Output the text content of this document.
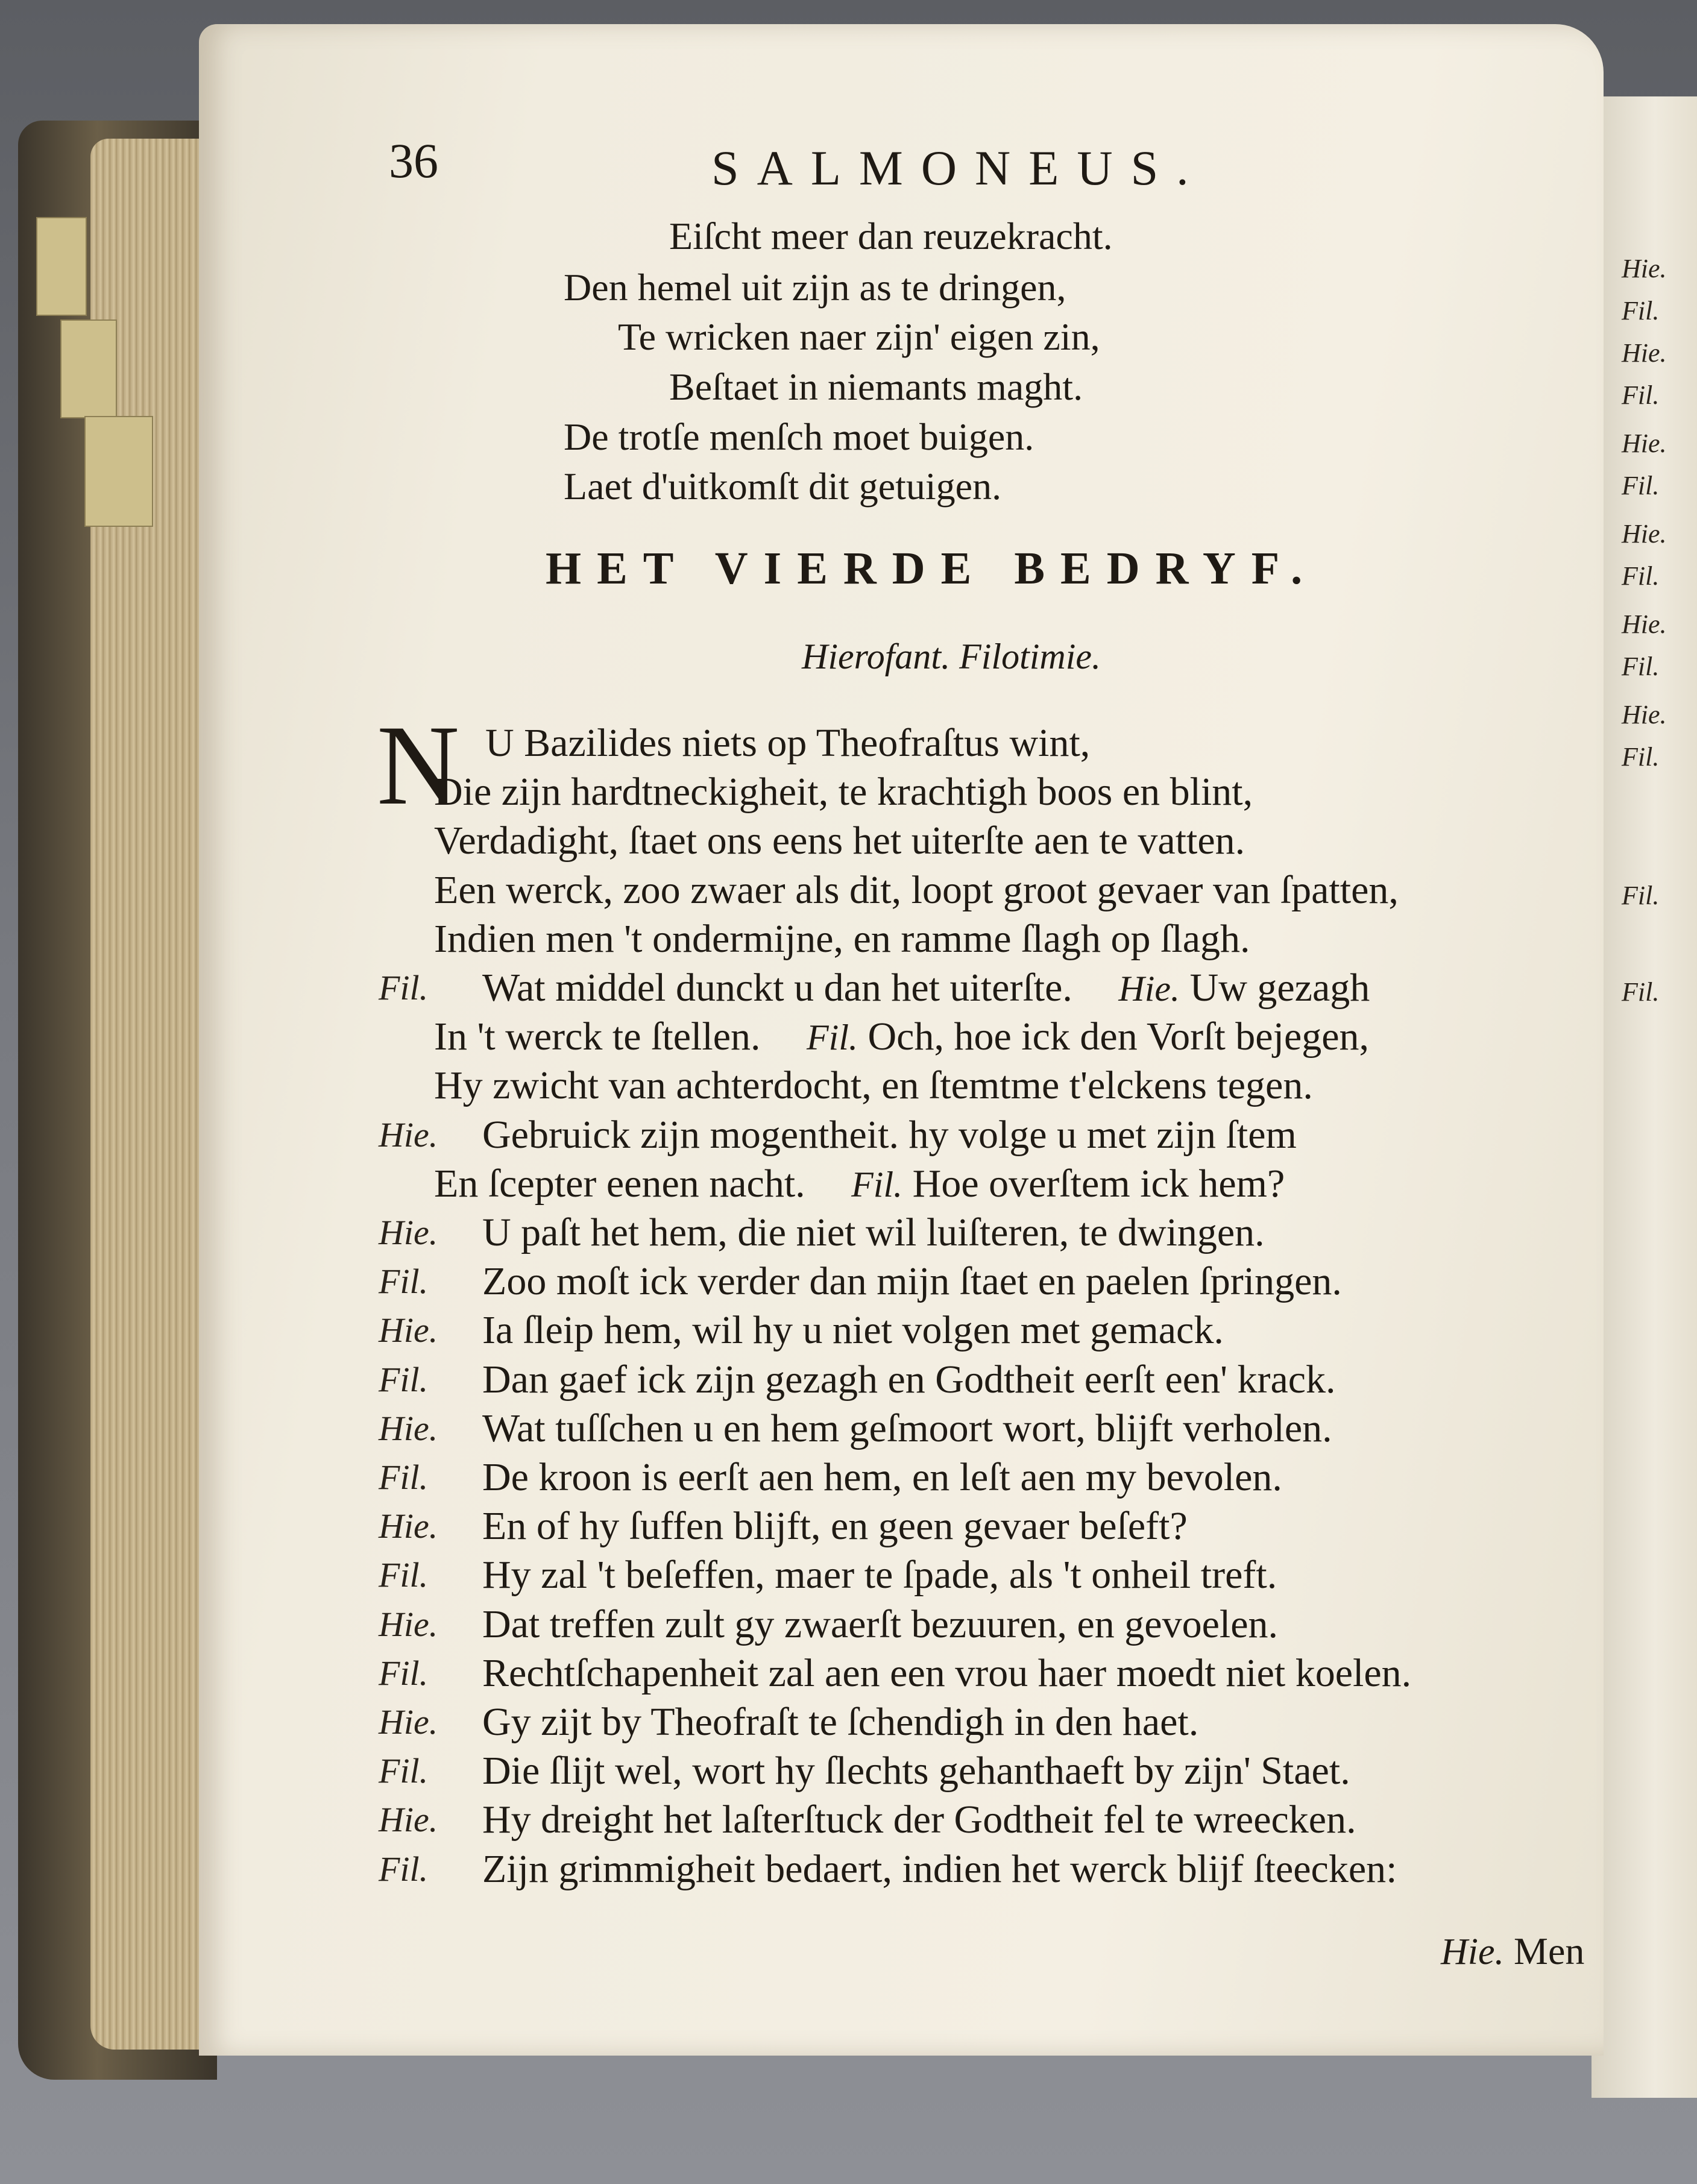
Hie.
Fil.
Hie.
Fil.
Hie.
Fil.
Hie.
Fil.
Hie.
Fil.
Hie.
Fil.
Fil.
Fil.
36	SALMONEUS.
Eiſcht meer dan reuzekracht.
Den hemel uit zijn as te dringen,
Te wricken naer zijn' eigen zin,
Beſtaet in niemants maght.
De trotſe menſch moet buigen.
Laet d'uitkomſt dit getuigen.
HET VIERDE BEDRYF.
Hierofant. Filotimie.
N U Bazilides niets op Theofraſtus wint,
Die zijn hardtneckigheit, te krachtigh boos en blint,
Verdadight, ſtaet ons eens het uiterſte aen te vatten.
Een werck, zoo zwaer als dit, loopt groot gevaer van ſpatten,
Indien men 't ondermijne, en ramme ſlagh op ſlagh.
Fil. Wat middel dunckt u dan het uiterſte. Hie. Uw gezagh
In 't werck te ſtellen. Fil. Och, hoe ick den Vorſt bejegen,
Hy zwicht van achterdocht, en ſtemtme t'elckens tegen.
Hie. Gebruick zijn mogentheit. hy volge u met zijn ſtem
En ſcepter eenen nacht. Fil. Hoe overſtem ick hem?
Hie. U paſt het hem, die niet wil luiſteren, te dwingen.
Fil. Zoo moſt ick verder dan mijn ſtaet en paelen ſpringen.
Hie. Ia ſleip hem, wil hy u niet volgen met gemack.
Fil. Dan gaef ick zijn gezagh en Godtheit eerſt een' krack.
Hie. Wat tuſſchen u en hem geſmoort wort, blijft verholen.
Fil. De kroon is eerſt aen hem, en leſt aen my bevolen.
Hie. En of hy ſuffen blijft, en geen gevaer beſeft?
Fil. Hy zal 't beſeffen, maer te ſpade, als 't onheil treft.
Hie. Dat treffen zult gy zwaerſt bezuuren, en gevoelen.
Fil. Rechtſchapenheit zal aen een vrou haer moedt niet koelen.
Hie. Gy zijt by Theofraſt te ſchendigh in den haet.
Fil. Die ſlijt wel, wort hy ſlechts gehanthaeft by zijn' Staet.
Hie. Hy dreight het laſterſtuck der Godtheit fel te wreecken.
Fil. Zijn grimmigheit bedaert, indien het werck blijf ſteecken:
Hie. Men
